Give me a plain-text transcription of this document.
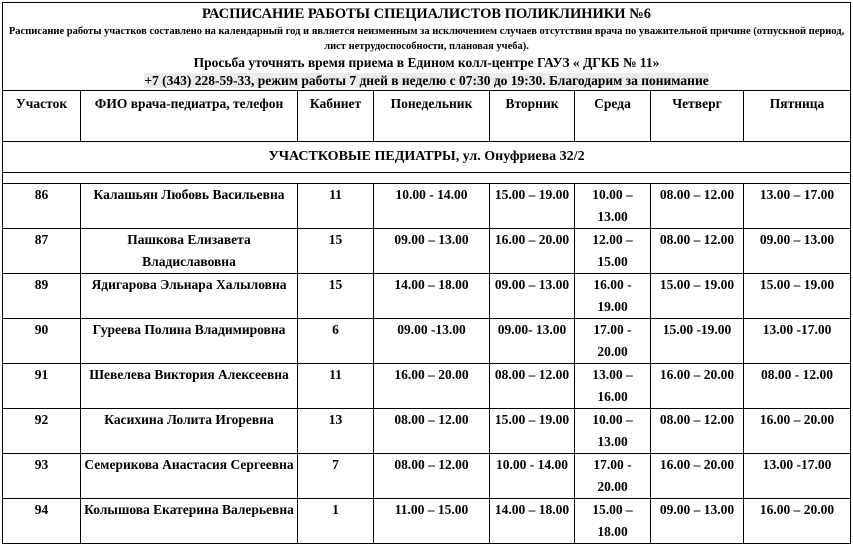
РАСПИСАНИЕ РАБОТЫ СПЕЦИАЛИСТОВ ПОЛИКЛИНИКИ №6
Расписание работы участков составлено на календарный год и является неизменным за исключением случаев отсутствия врача по уважительной причине (отпускной период, лист нетрудоспособности, плановая учеба).
Просьба уточнять время приема в Едином колл-центре ГАУЗ « ДГКБ № 11»
+7 (343) 228-59-33, режим работы 7 дней в неделю с 07:30 до 19:30. Благодарим за понимание							

Участок	ФИО врача-педиатра, телефон	Кабинет	Понедельник	Вторник	Среда	Четверг	Пятница
УЧАСТКОВЫЕ ПЕДИАТРЫ, ул. Онуфриева 32/2							

86	Калашьян Любовь Васильевна	11	10.00 - 14.00	15.00 – 19.00	10.00 – 13.00	08.00 – 12.00	13.00 – 17.00
87	Пашкова Елизавета Владиславовна	15	09.00 – 13.00	16.00 – 20.00	12.00 – 15.00	08.00 – 12.00	09.00 – 13.00
89	Ядигарова Эльнара Халыловна	15	14.00 – 18.00	09.00 – 13.00	16.00 - 19.00	15.00 – 19.00	15.00 – 19.00
90	Гуреева Полина Владимировна	6	09.00 -13.00	09.00- 13.00	17.00 - 20.00	15.00 -19.00	13.00 -17.00
91	Шевелева Виктория Алексеевна	11	16.00 – 20.00	08.00 – 12.00	13.00 – 16.00	16.00 – 20.00	08.00 - 12.00
92	Касихина Лолита Игоревна	13	08.00 – 12.00	15.00 – 19.00	10.00 – 13.00	08.00 – 12.00	16.00 – 20.00
93	Семерикова Анастасия Сергеевна	7	08.00 – 12.00	10.00 - 14.00	17.00 - 20.00	16.00 – 20.00	13.00 -17.00
94	Колышова Екатерина Валерьевна	1	11.00 – 15.00	14.00 – 18.00	15.00 – 18.00	09.00 – 13.00	16.00 – 20.00
